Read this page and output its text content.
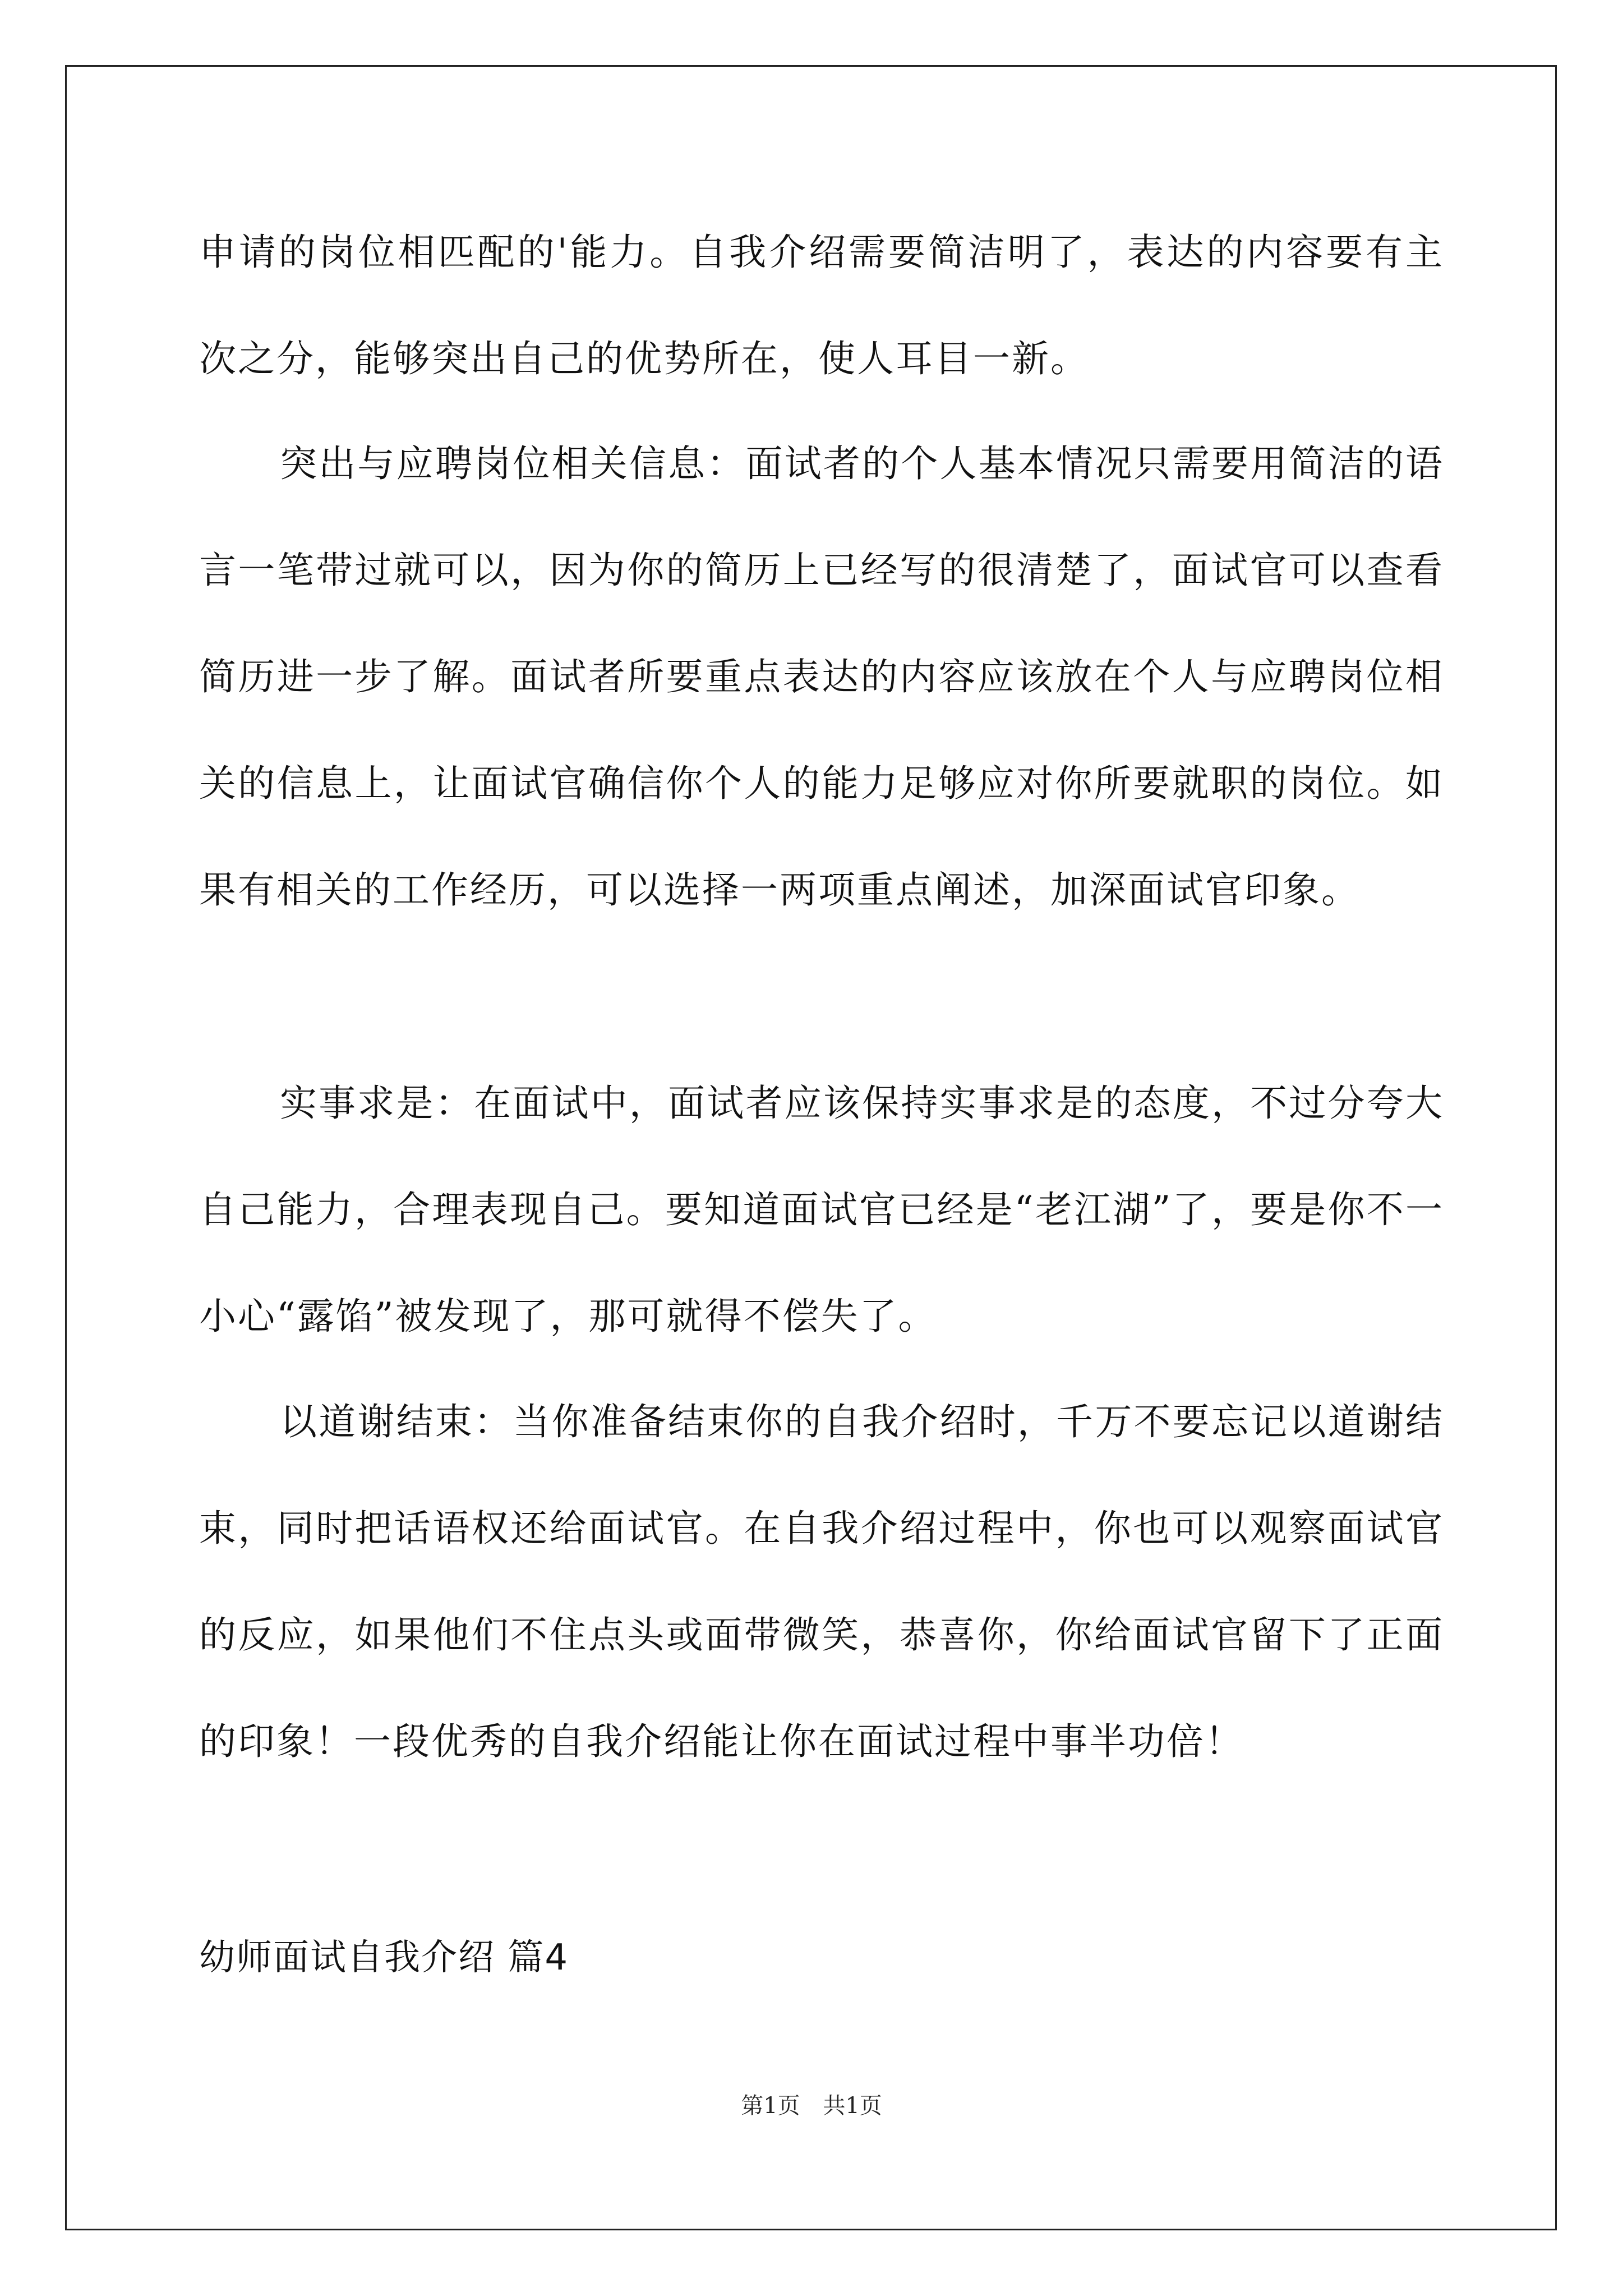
申请的岗位相匹配的'能力。自我介绍需要简洁明了，表达的内容要有主次之分，能够突出自己的优势所在，使人耳目一新。

突出与应聘岗位相关信息：面试者的个人基本情况只需要用简洁的语言一笔带过就可以，因为你的简历上已经写的很清楚了，面试官可以查看简历进一步了解。面试者所要重点表达的内容应该放在个人与应聘岗位相关的信息上，让面试官确信你个人的能力足够应对你所要就职的岗位。如果有相关的工作经历，可以选择一两项重点阐述，加深面试官印象。

实事求是：在面试中，面试者应该保持实事求是的态度，不过分夸大自己能力，合理表现自己。要知道面试官已经是“老江湖”了，要是你不一小心“露馅”被发现了，那可就得不偿失了。

以道谢结束：当你准备结束你的自我介绍时，千万不要忘记以道谢结束，同时把话语权还给面试官。在自我介绍过程中，你也可以观察面试官的反应，如果他们不住点头或面带微笑，恭喜你，你给面试官留下了正面的印象！一段优秀的自我介绍能让你在面试过程中事半功倍！

幼师面试自我介绍 篇4
第1页 共1页
